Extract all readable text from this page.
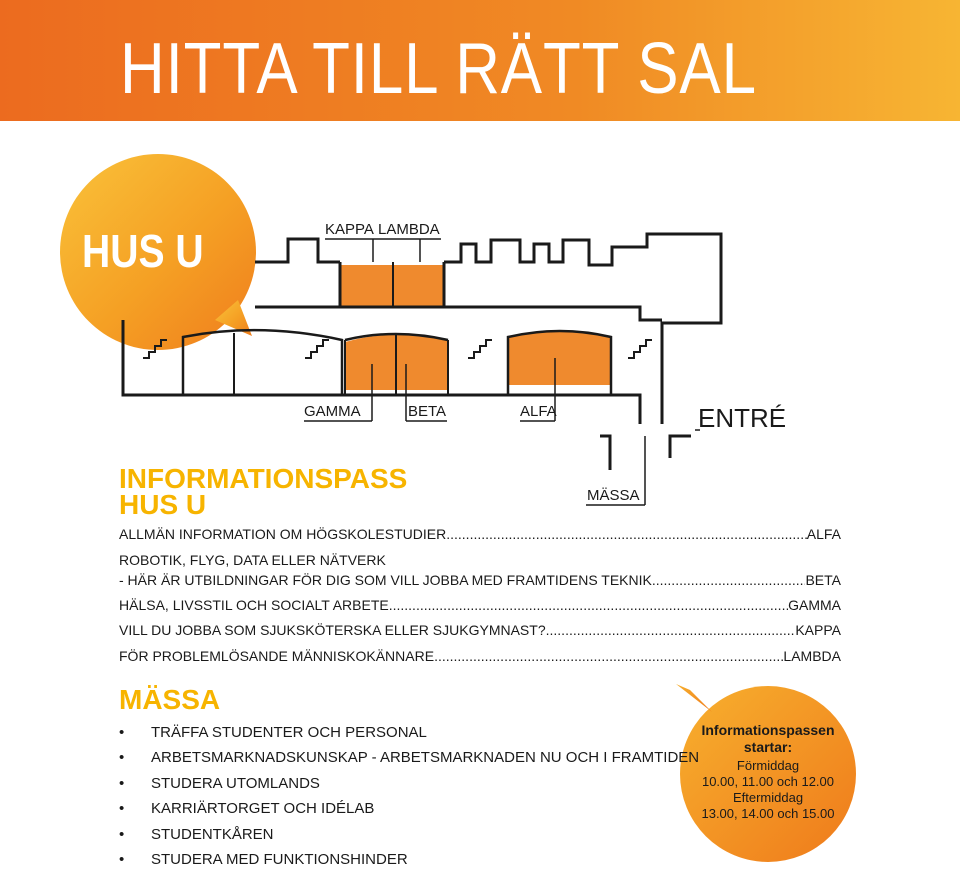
HITTA TILL RÄTT SAL
HUS U	KAPPA LAMBDA
GAMMA	BETA	ALFA
MÄSSA
ENTRÉ
INFORMATIONSPASS
HUS U
ALLMÄN INFORMATION OM HÖGSKOLESTUDIER .....	ALFA
ROBOTIK, FLYG, DATA ELLER NÄTVERK
- HÄR ÄR UTBILDNINGAR FÖR DIG SOM VILL JOBBA MED FRAMTIDENS TEKNIK .....	BETA
HÄLSA, LIVSSTIL OCH SOCIALT ARBETE .....	GAMMA
VILL DU JOBBA SOM SJUKSKÖTERSKA ELLER SJUKGYMNAST? .....	KAPPA
FÖR PROBLEMLÖSANDE MÄNNISKOKÄNNARE .....	LAMBDA
MÄSSA
• TRÄFFA STUDENTER OCH PERSONAL
• ARBETSMARKNADSKUNSKAP - ARBETSMARKNADEN NU OCH I FRAMTIDEN
• STUDERA UTOMLANDS
• KARRIÄRTORGET OCH IDÉLAB
• STUDENTKÅREN
• STUDERA MED FUNKTIONSHINDER
Informationspassen startar:
Förmiddag
10.00, 11.00 och 12.00
Eftermiddag
13.00, 14.00 och 15.00
